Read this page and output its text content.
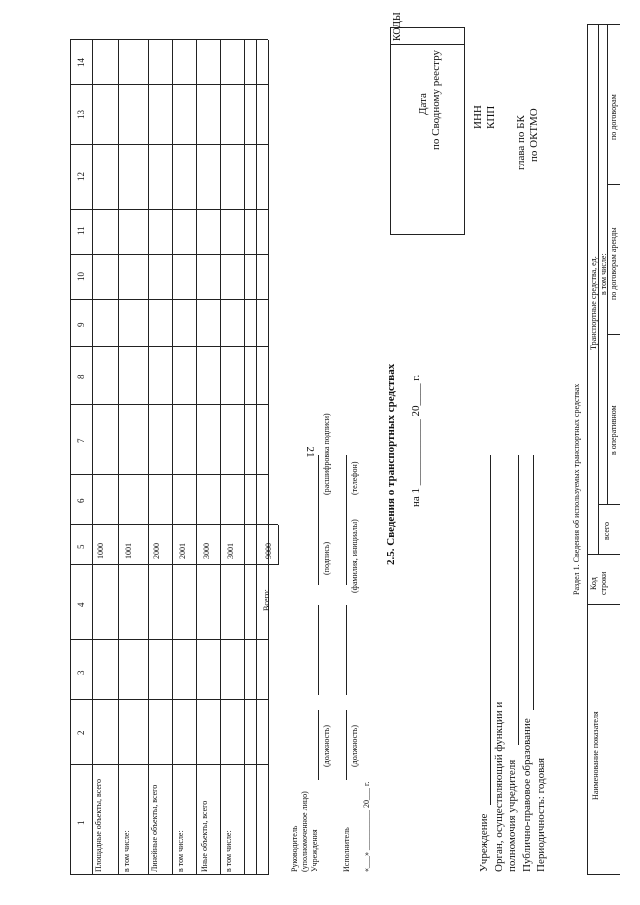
21
1
2
3
4
5
6
7
8
9
10
11
12
13
14
Площадные объекты, всего в том числе: Линейные объекты, всего в том числе: Иные объекты, всего в том числе:
1000 1001 2000 2001 3000 3001
Всего:
9000
Руководитель (уполномоченное лицо) Учреждения
(должность)
(подпись)
(расшифровка подписи)
Исполнитель
(должность)
(фамилия, инициалы)
(телефон)
«___» __________ 20___ г.
2.5. Сведения о транспортных средствах на 1 ____________ 20____ г.
КОДЫ
Дата по Сводному реестру	ИНН КПП глава по БК по ОКТМО
Учреждение Орган, осуществляющий функции и полномочия учредителя Публично-правовое образование Периодичность: годовая
Раздел 1. Сведения об используемых транспортных средствах
Наименование показателя
Код строки
Транспортные средства, ед.
всего
в том числе:
в оперативном
по договорам аренды
по договорам
